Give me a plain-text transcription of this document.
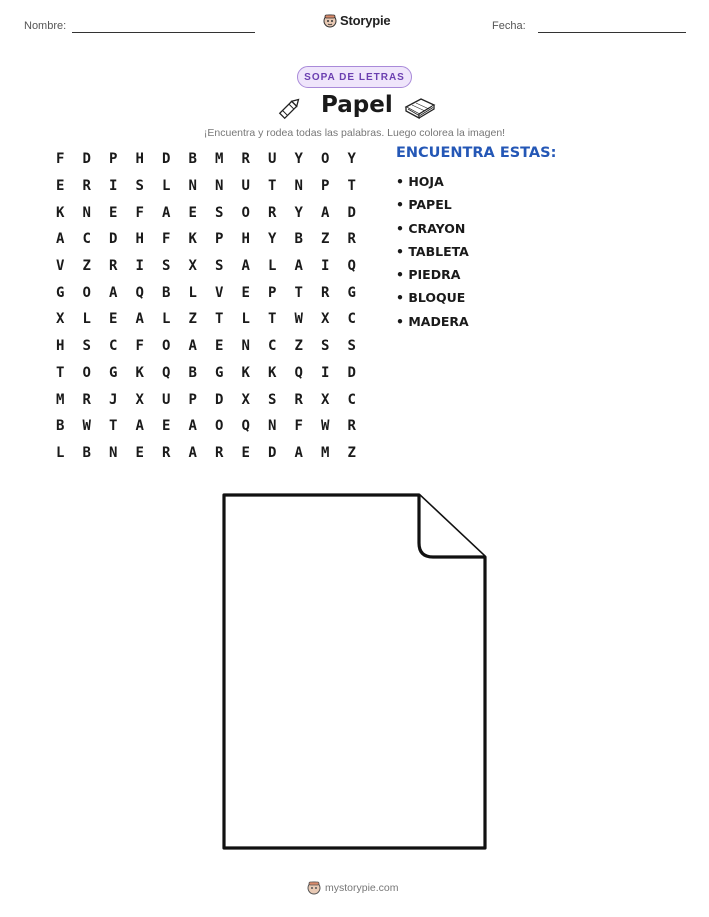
Nombre:	Storypie	Fecha:
SOPA DE LETRAS
Papel
¡Encuentra y rodea todas las palabras. Luego colorea la imagen!
F	D	P	H	D	B	M	R	U	Y	O	Y
E	R	I	S	L	N	N	U	T	N	P	T
K	N	E	F	A	E	S	O	R	Y	A	D
A	C	D	H	F	K	P	H	Y	B	Z	R
V	Z	R	I	S	X	S	A	L	A	I	Q
G	O	A	Q	B	L	V	E	P	T	R	G
X	L	E	A	L	Z	T	L	T	W	X	C
H	S	C	F	O	A	E	N	C	Z	S	S
T	O	G	K	Q	B	G	K	K	Q	I	D
M	R	J	X	U	P	D	X	S	R	X	C
B	W	T	A	E	A	O	Q	N	F	W	R
L	B	N	E	R	A	R	E	D	A	M	Z
ENCUENTRA ESTAS:
• HOJA
• PAPEL
• CRAYON
• TABLETA
• PIEDRA
• BLOQUE
• MADERA
mystorypie.com
